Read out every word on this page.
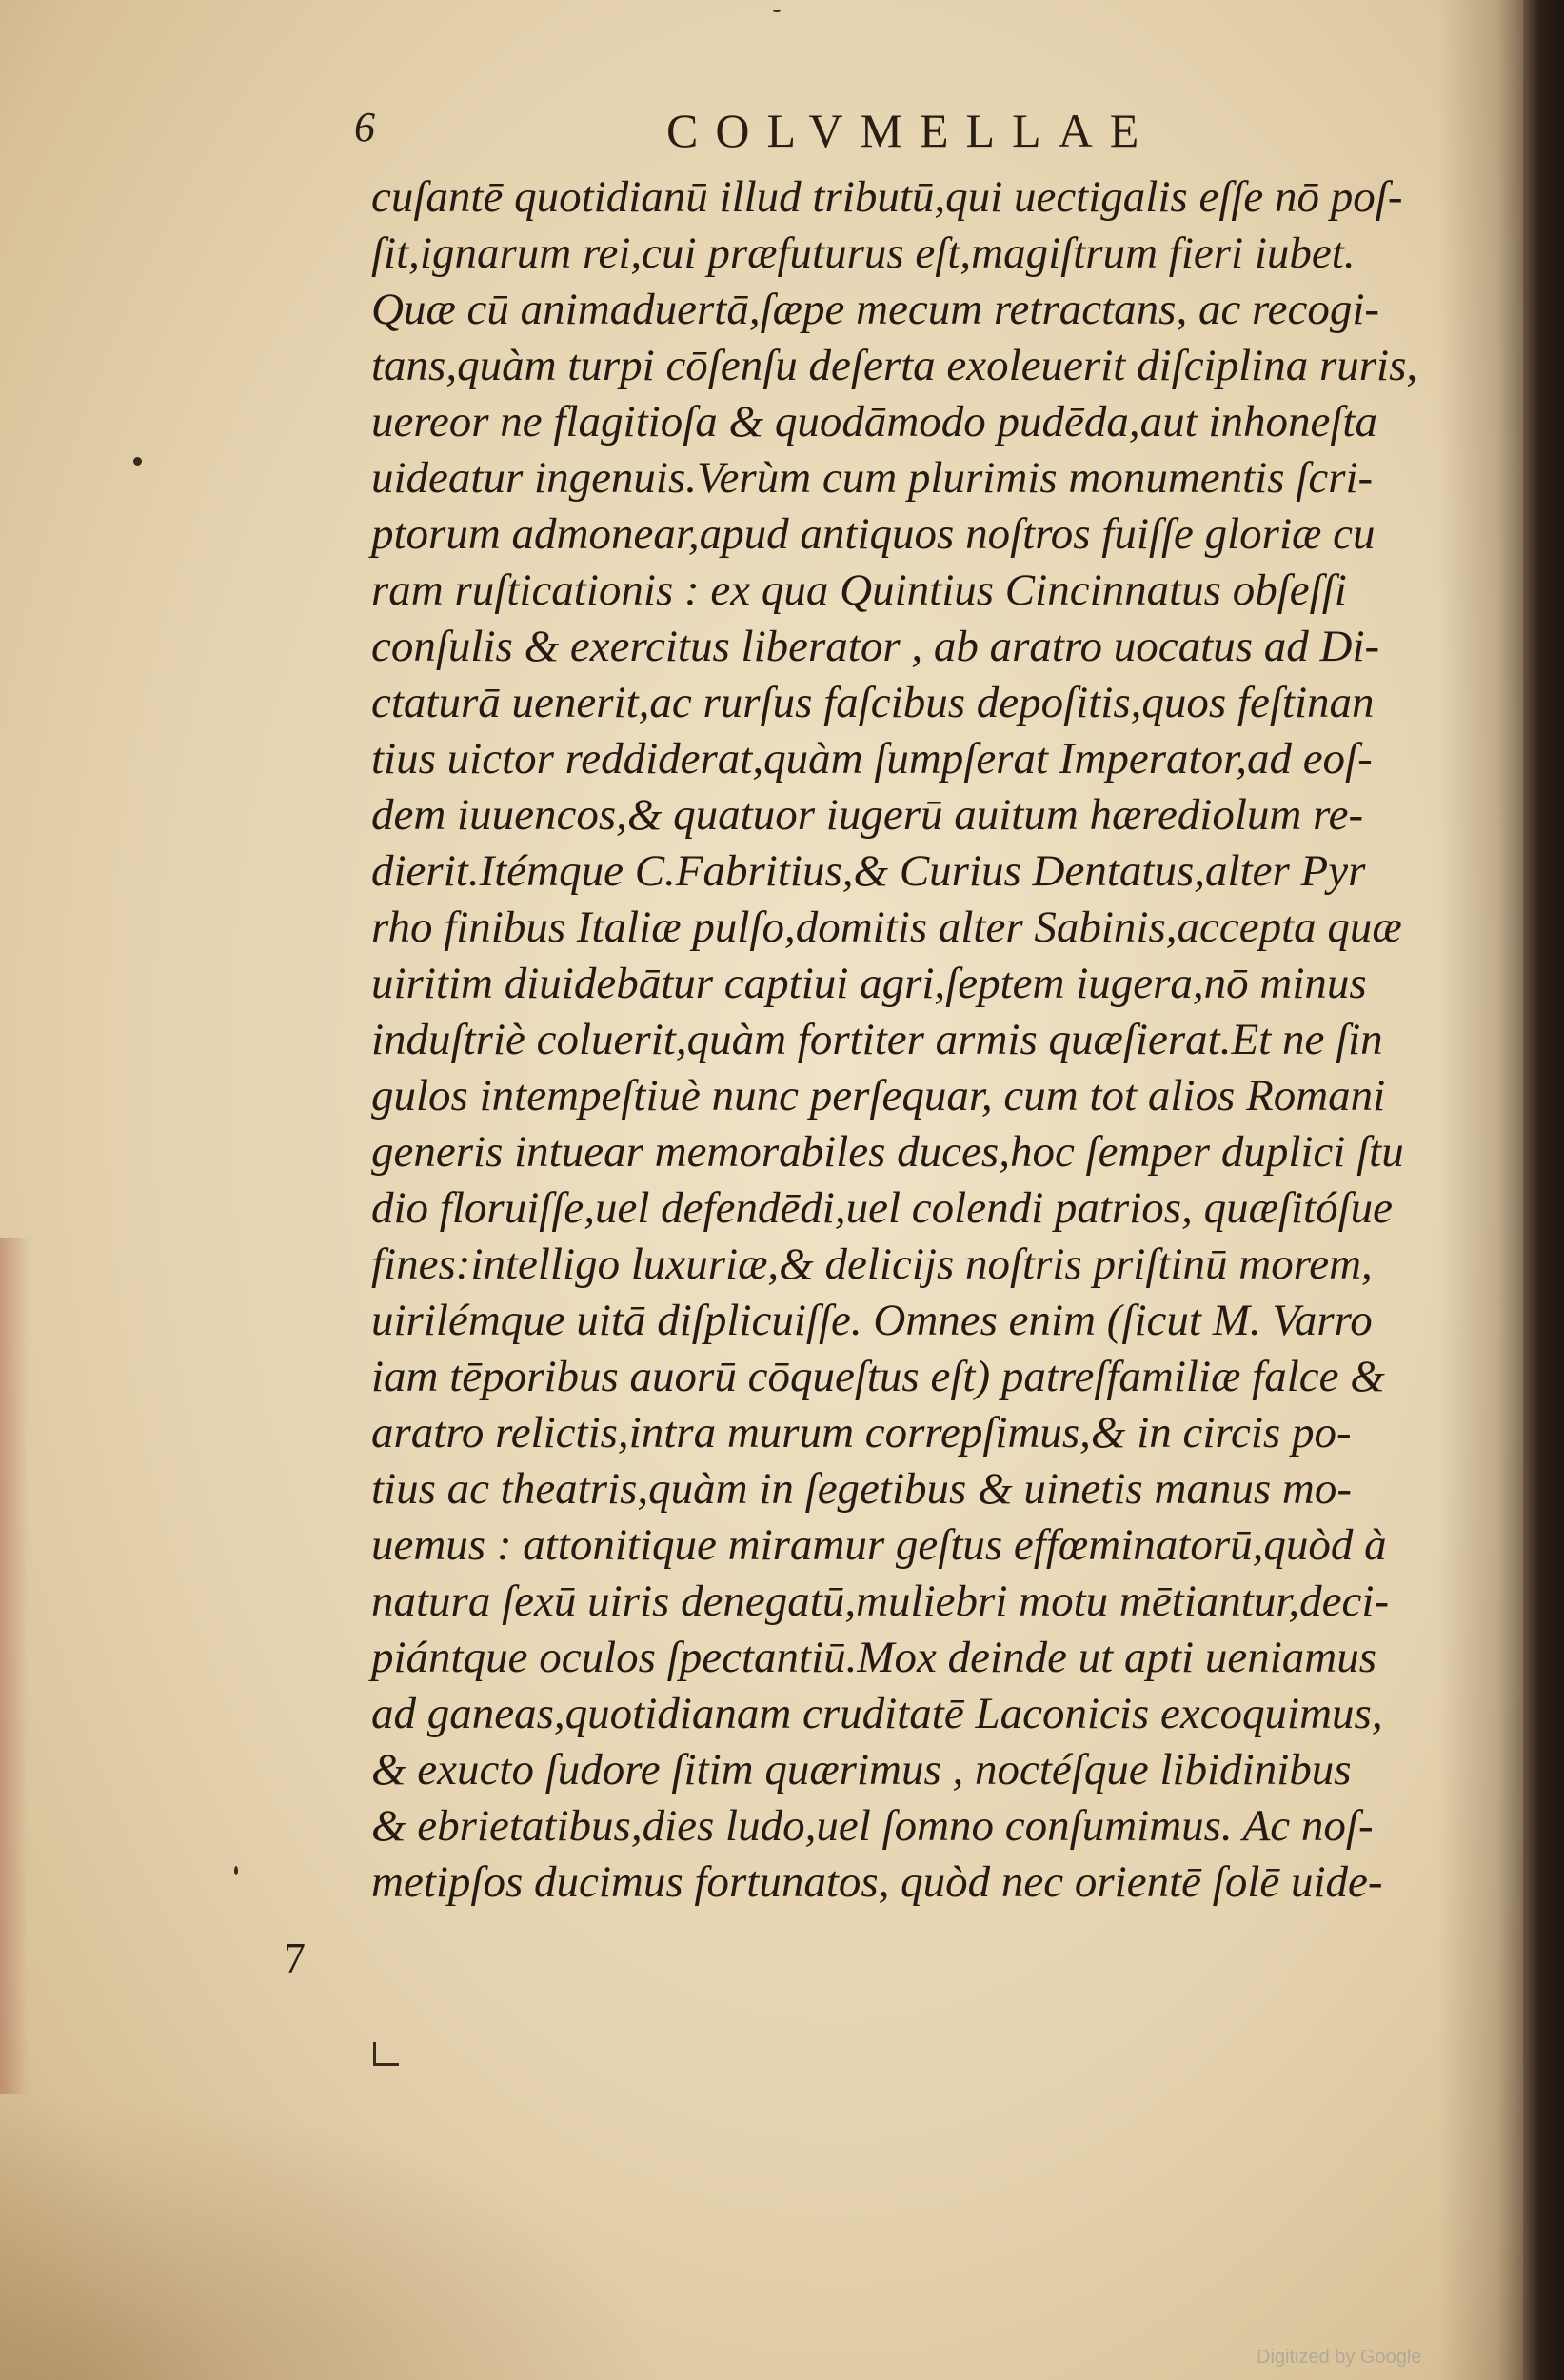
6	COLVMELLAE
cuſantē quotidianū illud tributū,qui uectigalis eſſe nō poſ-
ſit,ignarum rei,cui præfuturus eſt,magiſtrum fieri iubet.
Quæ cū animaduertā,ſæpe mecum retractans, ac recogi-
tans,quàm turpi cōſenſu deſerta exoleuerit diſciplina ruris,
uereor ne flagitioſa & quodāmodo pudēda,aut inhoneſta
uideatur ingenuis.Verùm cum plurimis monumentis ſcri-
ptorum admonear,apud antiquos noſtros fuiſſe gloriæ cu
ram ruſticationis : ex qua Quintius Cincinnatus obſeſſi
conſulis & exercitus liberator , ab aratro uocatus ad Di-
ctaturā uenerit,ac rurſus faſcibus depoſitis,quos feſtinan
tius uictor reddiderat,quàm ſumpſerat Imperator,ad eoſ-
dem iuuencos,& quatuor iugerū auitum hærediolum re-
dierit.Itémque C.Fabritius,& Curius Dentatus,alter Pyr
rho finibus Italiæ pulſo,domitis alter Sabinis,accepta quæ
uiritim diuidebātur captiui agri,ſeptem iugera,nō minus
induſtriè coluerit,quàm fortiter armis quæſierat.Et ne ſin
gulos intempeſtiuè nunc perſequar, cum tot alios Romani
generis intuear memorabiles duces,hoc ſemper duplici ſtu
dio floruiſſe,uel defendēdi,uel colendi patrios, quæſitóſue
fines:intelligo luxuriæ,& delicijs noſtris priſtinū morem,
uirilémque uitā diſplicuiſſe. Omnes enim (ſicut M. Varro
iam tēporibus auorū cōqueſtus eſt) patreſfamiliæ falce &
aratro relictis,intra murum correpſimus,& in circis po-
tius ac theatris,quàm in ſegetibus & uinetis manus mo-
uemus : attonitique miramur geſtus effœminatorū,quòd à
natura ſexū uiris denegatū,muliebri motu mētiantur,deci-
piántque oculos ſpectantiū.Mox deinde ut apti ueniamus
ad ganeas,quotidianam cruditatē Laconicis excoquimus,
& exucto ſudore ſitim quærimus , noctéſque libidinibus
& ebrietatibus,dies ludo,uel ſomno conſumimus. Ac noſ-
metipſos ducimus fortunatos, quòd nec orientē ſolē uide-
7
Digitized by Google
